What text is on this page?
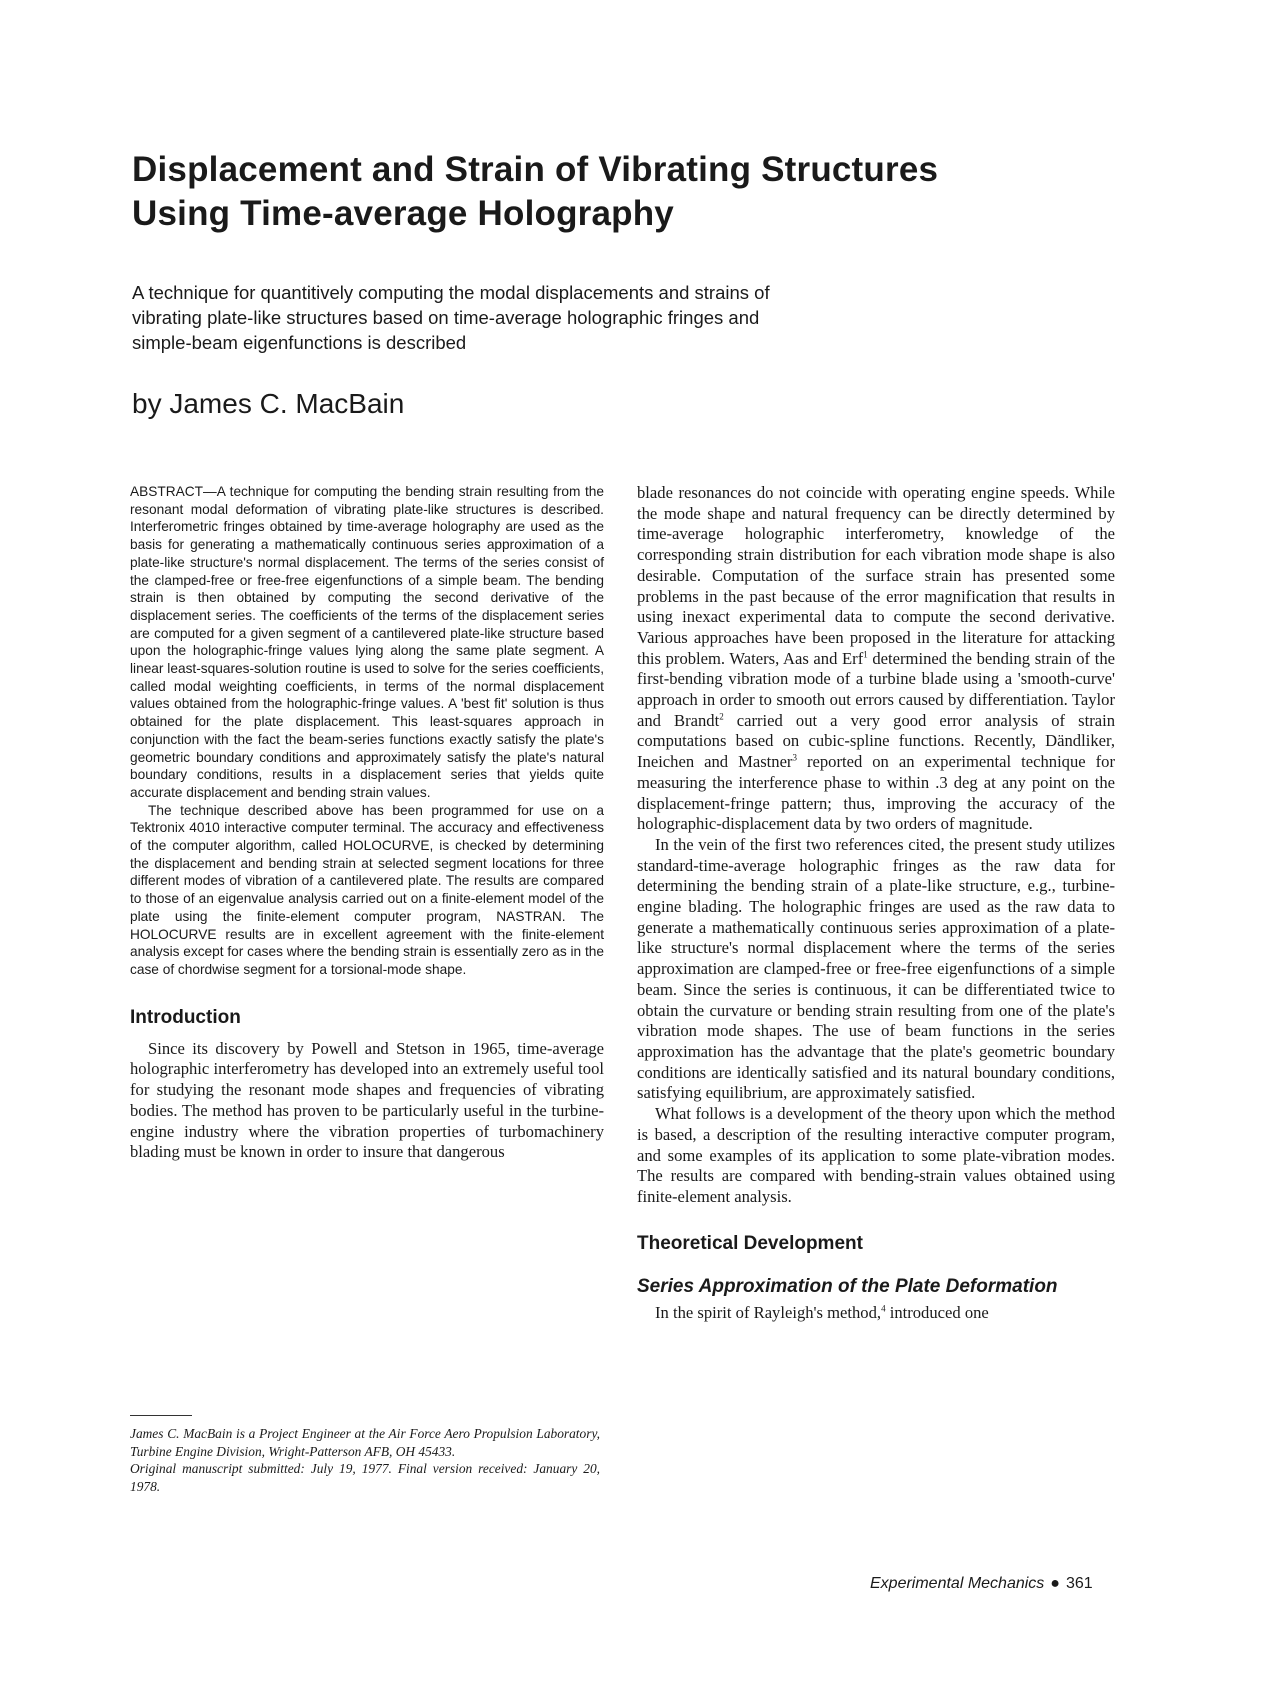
Displacement and Strain of Vibrating Structures Using Time-average Holography

A technique for quantitively computing the modal displacements and strains of vibrating plate-like structures based on time-average holographic fringes and simple-beam eigenfunctions is described

by James C. MacBain

ABSTRACT—A technique for computing the bending strain resulting from the resonant modal deformation of vibrating plate-like structures is described. Interferometric fringes obtained by time-average holography are used as the basis for generating a mathematically continuous series approximation of a plate-like structure's normal displacement. The terms of the series consist of the clamped-free or free-free eigenfunctions of a simple beam. The bending strain is then obtained by computing the second derivative of the displacement series. The coefficients of the terms of the displacement series are computed for a given segment of a cantilevered plate-like structure based upon the holographic-fringe values lying along the same plate segment. A linear least-squares-solution routine is used to solve for the series coefficients, called modal weighting coefficients, in terms of the normal displacement values obtained from the holographic-fringe values. A 'best fit' solution is thus obtained for the plate displacement. This least-squares approach in conjunction with the fact the beam-series functions exactly satisfy the plate's geometric boundary conditions and approximately satisfy the plate's natural boundary conditions, results in a displacement series that yields quite accurate displacement and bending strain values.

The technique described above has been programmed for use on a Tektronix 4010 interactive computer terminal. The accuracy and effectiveness of the computer algorithm, called HOLOCURVE, is checked by determining the displacement and bending strain at selected segment locations for three different modes of vibration of a cantilevered plate. The results are compared to those of an eigenvalue analysis carried out on a finite-element model of the plate using the finite-element computer program, NASTRAN. The HOLOCURVE results are in excellent agreement with the finite-element analysis except for cases where the bending strain is essentially zero as in the case of chordwise segment for a torsional-mode shape.

Introduction

Since its discovery by Powell and Stetson in 1965, time-average holographic interferometry has developed into an extremely useful tool for studying the resonant mode shapes and frequencies of vibrating bodies. The method has proven to be particularly useful in the turbine-engine industry where the vibration properties of turbomachinery blading must be known in order to insure that dangerous

blade resonances do not coincide with operating engine speeds. While the mode shape and natural frequency can be directly determined by time-average holographic interferometry, knowledge of the corresponding strain distribution for each vibration mode shape is also desirable. Computation of the surface strain has presented some problems in the past because of the error magnification that results in using inexact experimental data to compute the second derivative. Various approaches have been proposed in the literature for attacking this problem. Waters, Aas and Erf$^1$ determined the bending strain of the first-bending vibration mode of a turbine blade using a 'smooth-curve' approach in order to smooth out errors caused by differentiation. Taylor and Brandt$^2$ carried out a very good error analysis of strain computations based on cubic-spline functions. Recently, Dändliker, Ineichen and Mastner$^3$ reported on an experimental technique for measuring the interference phase to within .3 deg at any point on the displacement-fringe pattern; thus, improving the accuracy of the holographic-displacement data by two orders of magnitude.

In the vein of the first two references cited, the present study utilizes standard-time-average holographic fringes as the raw data for determining the bending strain of a plate-like structure, e.g., turbine-engine blading. The holographic fringes are used as the raw data to generate a mathematically continuous series approximation of a plate-like structure's normal displacement where the terms of the series approximation are clamped-free or free-free eigenfunctions of a simple beam. Since the series is continuous, it can be differentiated twice to obtain the curvature or bending strain resulting from one of the plate's vibration mode shapes. The use of beam functions in the series approximation has the advantage that the plate's geometric boundary conditions are identically satisfied and its natural boundary conditions, satisfying equilibrium, are approximately satisfied.

What follows is a development of the theory upon which the method is based, a description of the resulting interactive computer program, and some examples of its application to some plate-vibration modes. The results are compared with bending-strain values obtained using finite-element analysis.

Theoretical Development
Series Approximation of the Plate Deformation

In the spirit of Rayleigh's method,$^4$ introduced one

James C. MacBain is a Project Engineer at the Air Force Aero Propulsion Laboratory, Turbine Engine Division, Wright-Patterson AFB, OH 45433.

Original manuscript submitted: July 19, 1977. Final version received: January 20, 1978.

Experimental Mechanics ● 361
